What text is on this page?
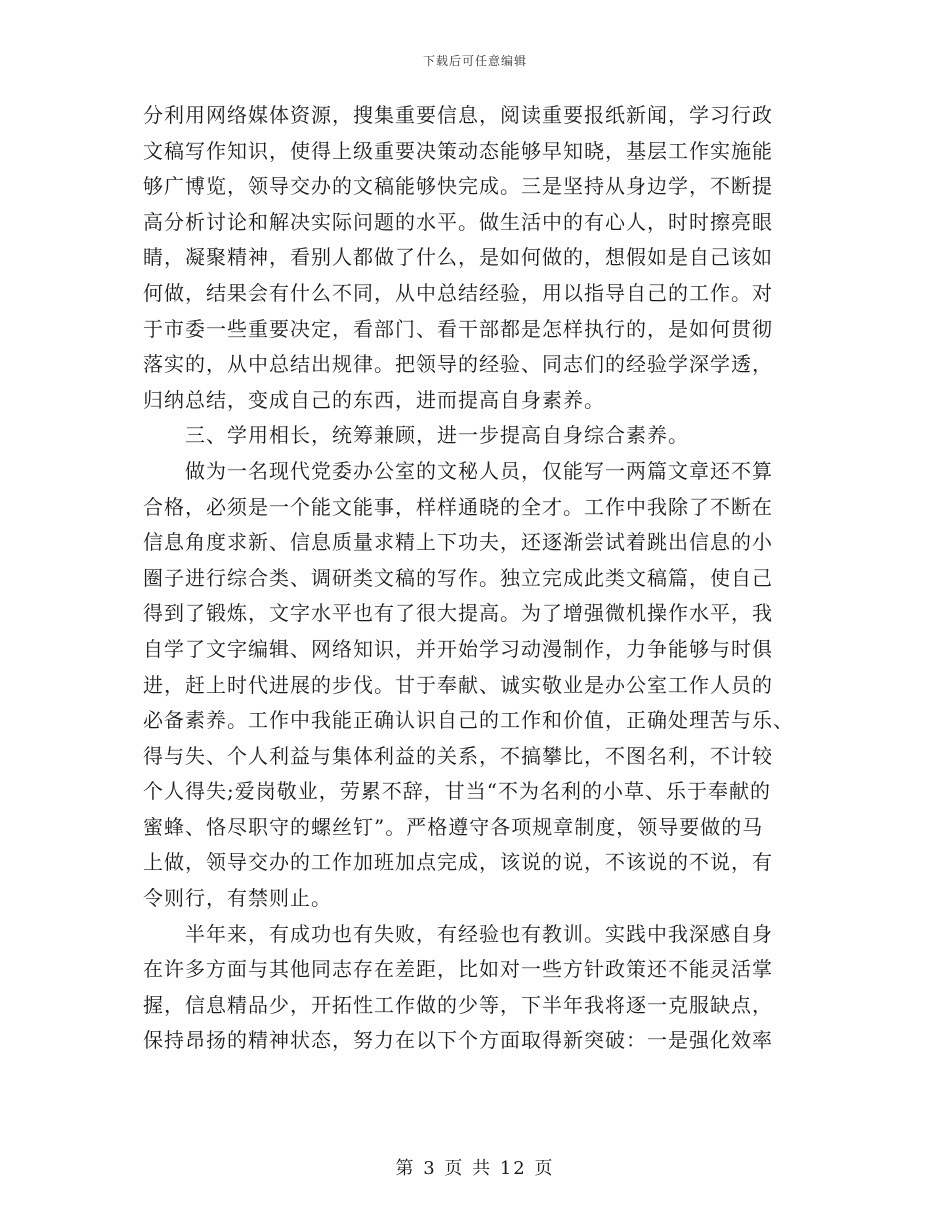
下载后可任意编辑
分利用网络媒体资源，搜集重要信息，阅读重要报纸新闻，学习行政
文稿写作知识，使得上级重要决策动态能够早知晓，基层工作实施能
够广博览，领导交办的文稿能够快完成。三是坚持从身边学，不断提
高分析讨论和解决实际问题的水平。做生活中的有心人，时时擦亮眼
睛，凝聚精神，看别人都做了什么，是如何做的，想假如是自己该如
何做，结果会有什么不同，从中总结经验，用以指导自己的工作。对
于市委一些重要决定，看部门、看干部都是怎样执行的，是如何贯彻
落实的，从中总结出规律。把领导的经验、同志们的经验学深学透，
归纳总结，变成自己的东西，进而提高自身素养。
　　三、学用相长，统筹兼顾，进一步提高自身综合素养。
　　做为一名现代党委办公室的文秘人员，仅能写一两篇文章还不算
合格，必须是一个能文能事，样样通晓的全才。工作中我除了不断在
信息角度求新、信息质量求精上下功夫，还逐渐尝试着跳出信息的小
圈子进行综合类、调研类文稿的写作。独立完成此类文稿篇，使自己
得到了锻炼，文字水平也有了很大提高。为了增强微机操作水平，我
自学了文字编辑、网络知识，并开始学习动漫制作，力争能够与时俱
进，赶上时代进展的步伐。甘于奉献、诚实敬业是办公室工作人员的
必备素养。工作中我能正确认识自己的工作和价值，正确处理苦与乐、
得与失、个人利益与集体利益的关系，不搞攀比，不图名利，不计较
个人得失;爱岗敬业，劳累不辞，甘当“不为名利的小草、乐于奉献的
蜜蜂、恪尽职守的螺丝钉”。严格遵守各项规章制度，领导要做的马
上做，领导交办的工作加班加点完成，该说的说，不该说的不说，有
令则行，有禁则止。
　　半年来，有成功也有失败，有经验也有教训。实践中我深感自身
在许多方面与其他同志存在差距，比如对一些方针政策还不能灵活掌
握，信息精品少，开拓性工作做的少等，下半年我将逐一克服缺点，
保持昂扬的精神状态，努力在以下个方面取得新突破：一是强化效率
第 3 页 共 12 页
